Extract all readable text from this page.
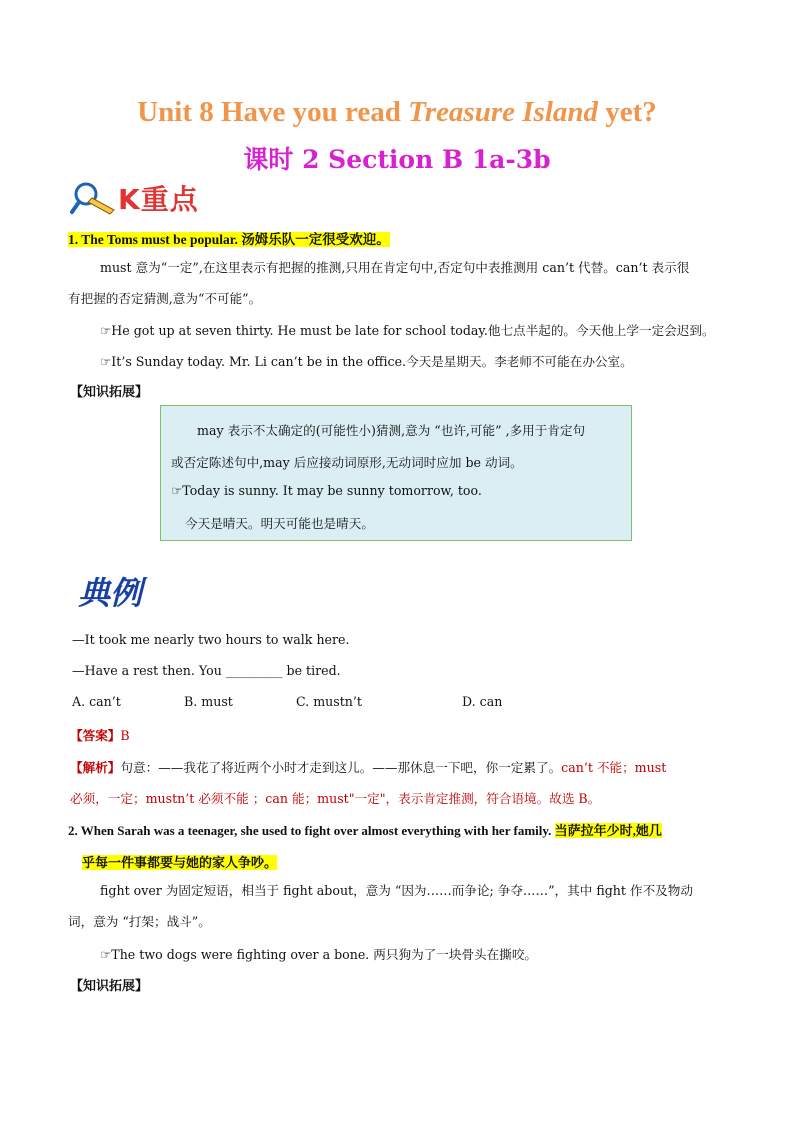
Unit 8 Have you read Treasure Island yet?
课时 2 Section B 1a-3b
K重点
1. The Toms must be popular. 汤姆乐队一定很受欢迎。
must 意为“一定”,在这里表示有把握的推测,只用在肯定句中,否定句中表推测用 can’t 代替。can’t 表示很
有把握的否定猜测,意为“不可能”。
☞He got up at seven thirty. He must be late for school today.他七点半起的。今天他上学一定会迟到。
☞It’s Sunday today. Mr. Li can’t be in the office.今天是星期天。李老师不可能在办公室。
【知识拓展】
may 表示不太确定的(可能性小)猜测,意为 “也许,可能” ,多用于肯定句
或否定陈述句中,may 后应接动词原形,无动词时应加 be 动词。
☞Today is sunny. It may be sunny tomorrow, too.
今天是晴天。明天可能也是晴天。
典例
—It took me nearly two hours to walk here.
—Have a rest then. You _________ be tired.
A. can’t	B. must	C. mustn’t	D. can
【答案】B
【解析】句意：——我花了将近两个小时才走到这儿。——那休息一下吧，你一定累了。can’t 不能；must
必须，一定；mustn’t 必须不能 ；can 能；must"一定"，表示肯定推测，符合语境。故选 B。
2. When Sarah was a teenager, she used to fight over almost everything with her family. 当萨拉年少时,她几
乎每一件事都要与她的家人争吵。
fight over 为固定短语，相当于 fight about，意为 “因为……而争论; 争夺……”，其中 fight 作不及物动
词，意为 “打架；战斗”。
☞The two dogs were fighting over a bone. 两只狗为了一块骨头在撕咬。
【知识拓展】
